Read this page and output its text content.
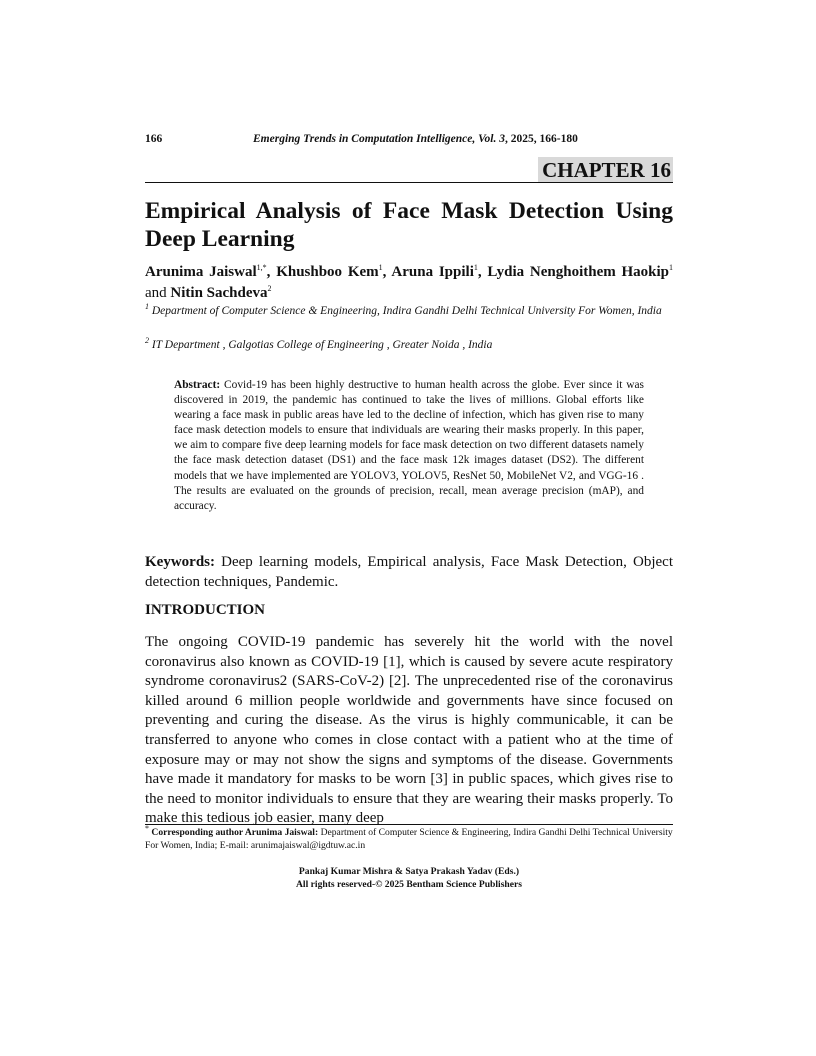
166	Emerging Trends in Computation Intelligence, Vol. 3, 2025, 166-180
CHAPTER 16
Empirical Analysis of Face Mask Detection Using Deep Learning
Arunima Jaiswal$^{1,*}$, Khushboo Kem$^1$, Aruna Ippili$^1$, Lydia Nenghoithem Haokip$^1$ and Nitin Sachdeva$^2$
$^1$ Department of Computer Science & Engineering, Indira Gandhi Delhi Technical University For Women, India
$^2$ IT Department , Galgotias College of Engineering , Greater Noida , India
Abstract: Covid-19 has been highly destructive to human health across the globe. Ever since it was discovered in 2019, the pandemic has continued to take the lives of millions. Global efforts like wearing a face mask in public areas have led to the decline of infection, which has given rise to many face mask detection models to ensure that individuals are wearing their masks properly. In this paper, we aim to compare five deep learning models for face mask detection on two different datasets namely the face mask detection dataset (DS1) and the face mask 12k images dataset (DS2). The different models that we have implemented are YOLOV3, YOLOV5, ResNet 50, MobileNet V2, and VGG-16 . The results are evaluated on the grounds of precision, recall, mean average precision (mAP), and accuracy.
Keywords: Deep learning models, Empirical analysis, Face Mask Detection, Object detection techniques, Pandemic.
INTRODUCTION
The ongoing COVID-19 pandemic has severely hit the world with the novel coronavirus also known as COVID-19 [1], which is caused by severe acute respiratory syndrome coronavirus2 (SARS-CoV-2) [2]. The unprecedented rise of the coronavirus killed around 6 million people worldwide and governments have since focused on preventing and curing the disease. As the virus is highly communicable, it can be transferred to anyone who comes in close contact with a patient who at the time of exposure may or may not show the signs and symptoms of the disease. Governments have made it mandatory for masks to be worn [3] in public spaces, which gives rise to the need to monitor individuals to ensure that they are wearing their masks properly. To make this tedious job easier, many deep
* Corresponding author Arunima Jaiswal: Department of Computer Science & Engineering, Indira Gandhi Delhi Technical University For Women, India; E-mail: arunimajaiswal@igdtuw.ac.in
Pankaj Kumar Mishra & Satya Prakash Yadav (Eds.)
All rights reserved-© 2025 Bentham Science Publishers
